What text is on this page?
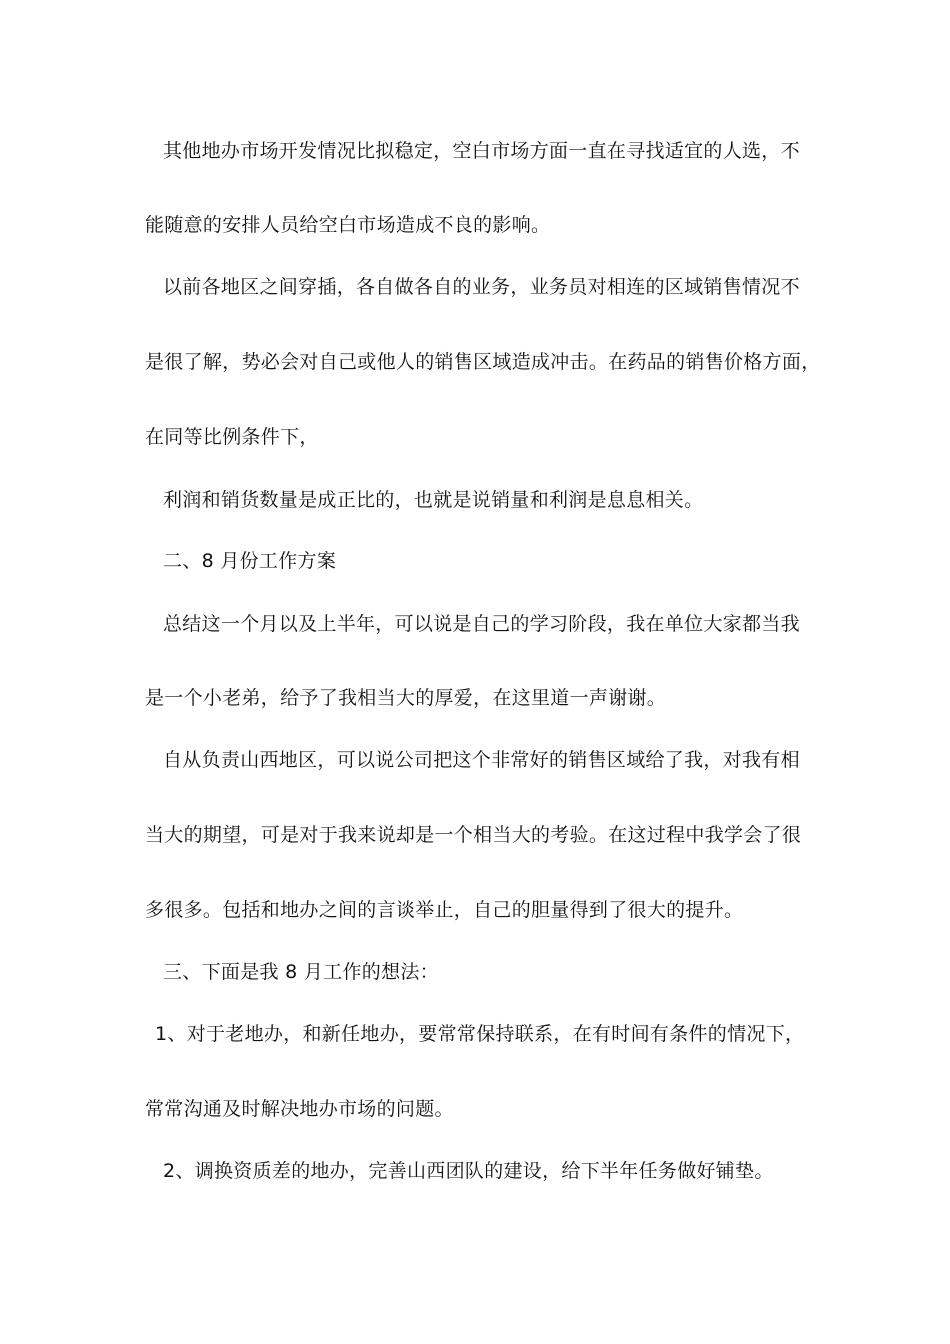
其他地办市场开发情况比拟稳定，空白市场方面一直在寻找适宜的人选，不
能随意的安排人员给空白市场造成不良的影响。
以前各地区之间穿插，各自做各自的业务，业务员对相连的区域销售情况不
是很了解，势必会对自己或他人的销售区域造成冲击。在药品的销售价格方面，
在同等比例条件下，
利润和销货数量是成正比的，也就是说销量和利润是息息相关。
二、8 月份工作方案
总结这一个月以及上半年，可以说是自己的学习阶段，我在单位大家都当我
是一个小老弟，给予了我相当大的厚爱，在这里道一声谢谢。
自从负责山西地区，可以说公司把这个非常好的销售区域给了我，对我有相
当大的期望，可是对于我来说却是一个相当大的考验。在这过程中我学会了很
多很多。包括和地办之间的言谈举止，自己的胆量得到了很大的提升。
三、下面是我 8 月工作的想法：
1、对于老地办，和新任地办，要常常保持联系，在有时间有条件的情况下，
常常沟通及时解决地办市场的问题。
2、调换资质差的地办，完善山西团队的建设，给下半年任务做好铺垫。
